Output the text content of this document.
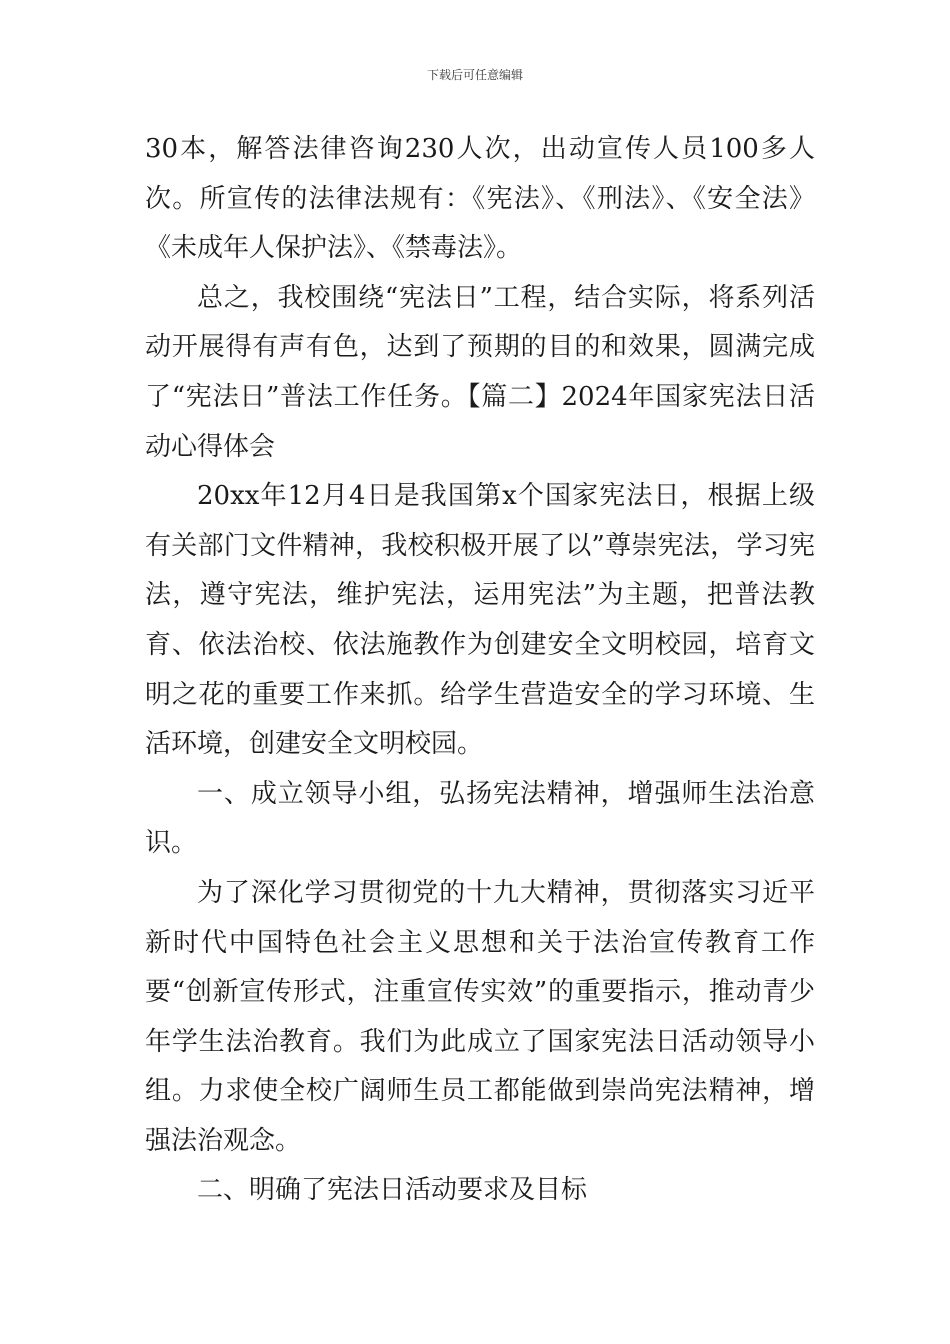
下载后可任意编辑

30本，解答法律咨询230人次，出动宣传人员100多人次。所宣传的法律法规有：《宪法》、《刑法》、《安全法》《未成年人保护法》、《禁毒法》。

总之，我校围绕“宪法日”工程，结合实际，将系列活动开展得有声有色，达到了预期的目的和效果，圆满完成了“宪法日”普法工作任务。【篇二】2024年国家宪法日活动心得体会

20xx年12月4日是我国第x个国家宪法日，根据上级有关部门文件精神，我校积极开展了以”尊崇宪法，学习宪法，遵守宪法，维护宪法，运用宪法”为主题，把普法教育、依法治校、依法施教作为创建安全文明校园，培育文明之花的重要工作来抓。给学生营造安全的学习环境、生活环境，创建安全文明校园。

一、成立领导小组，弘扬宪法精神，增强师生法治意识。

为了深化学习贯彻党的十九大精神，贯彻落实习近平新时代中国特色社会主义思想和关于法治宣传教育工作要“创新宣传形式，注重宣传实效”的重要指示，推动青少年学生法治教育。我们为此成立了国家宪法日活动领导小组。力求使全校广阔师生员工都能做到崇尚宪法精神，增强法治观念。

二、明确了宪法日活动要求及目标
